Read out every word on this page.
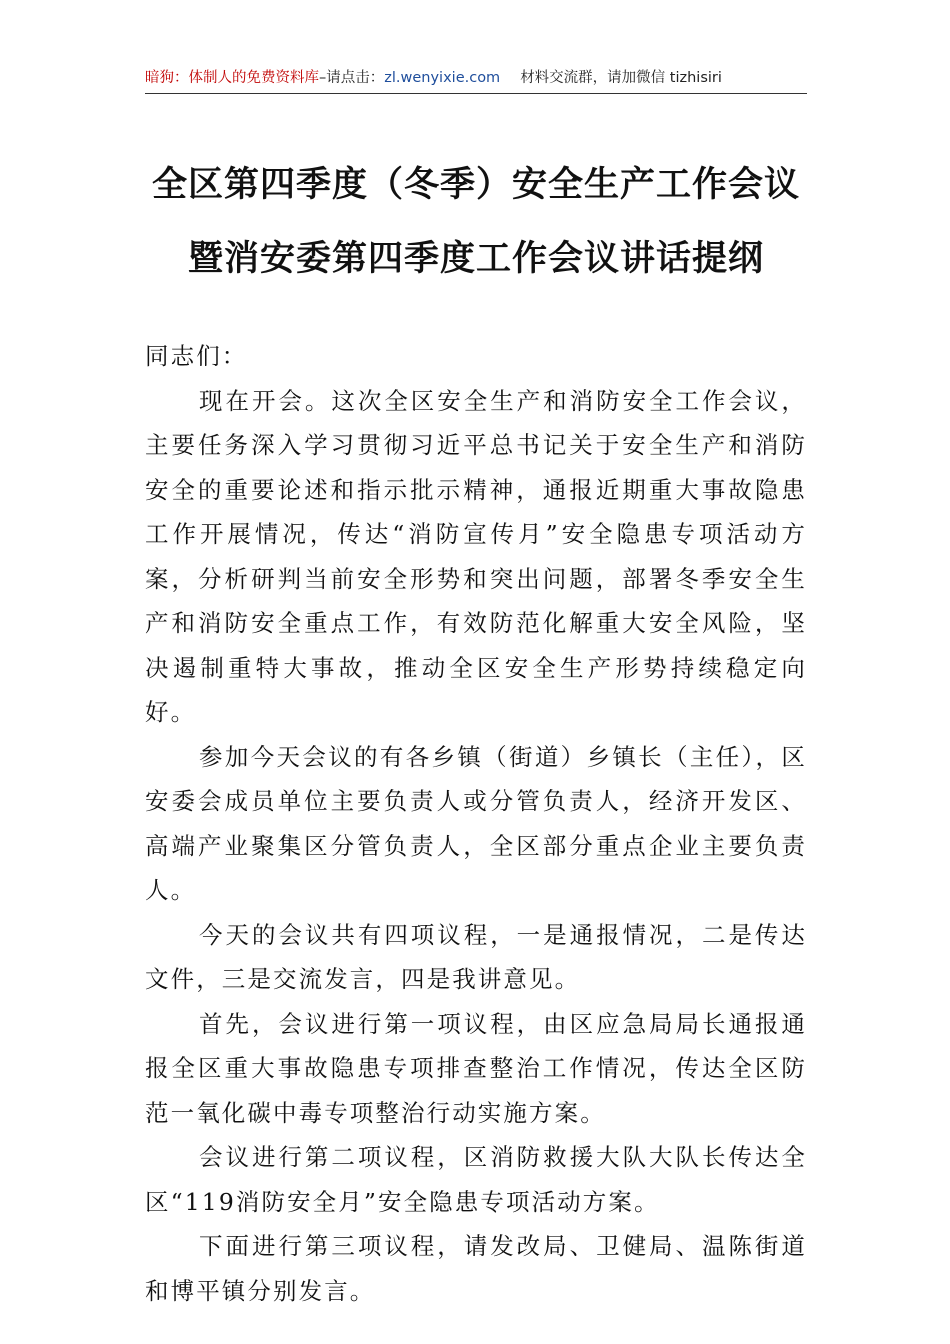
暗狗：体制人的免费资料库 –请点击： zl.wenyixie.com 材料交流群，请加微信 tizhisiri
全区第四季度（冬季）安全生产工作会议
暨消安委第四季度工作会议讲话提纲

同志们：

现在开会。这次全区安全生产和消防安全工作会议，主要任务深入学习贯彻习近平总书记关于安全生产和消防安全的重要论述和指示批示精神，通报近期重大事故隐患工作开展情况，传达“消防宣传月”安全隐患专项活动方案，分析研判当前安全形势和突出问题，部署冬季安全生产和消防安全重点工作，有效防范化解重大安全风险，坚决遏制重特大事故，推动全区安全生产形势持续稳定向好。

参加今天会议的有各乡镇（街道）乡镇长（主任），区安委会成员单位主要负责人或分管负责人，经济开发区、高端产业聚集区分管负责人，全区部分重点企业主要负责人。

今天的会议共有四项议程，一是通报情况，二是传达文件，三是交流发言，四是我讲意见。

首先，会议进行第一项议程，由区应急局局长通报通报全区重大事故隐患专项排查整治工作情况，传达全区防范一氧化碳中毒专项整治行动实施方案。

会议进行第二项议程，区消防救援大队大队长传达全区“119消防安全月”安全隐患专项活动方案。

下面进行第三项议程，请发改局、卫健局、温陈街道和博平镇分别发言。
